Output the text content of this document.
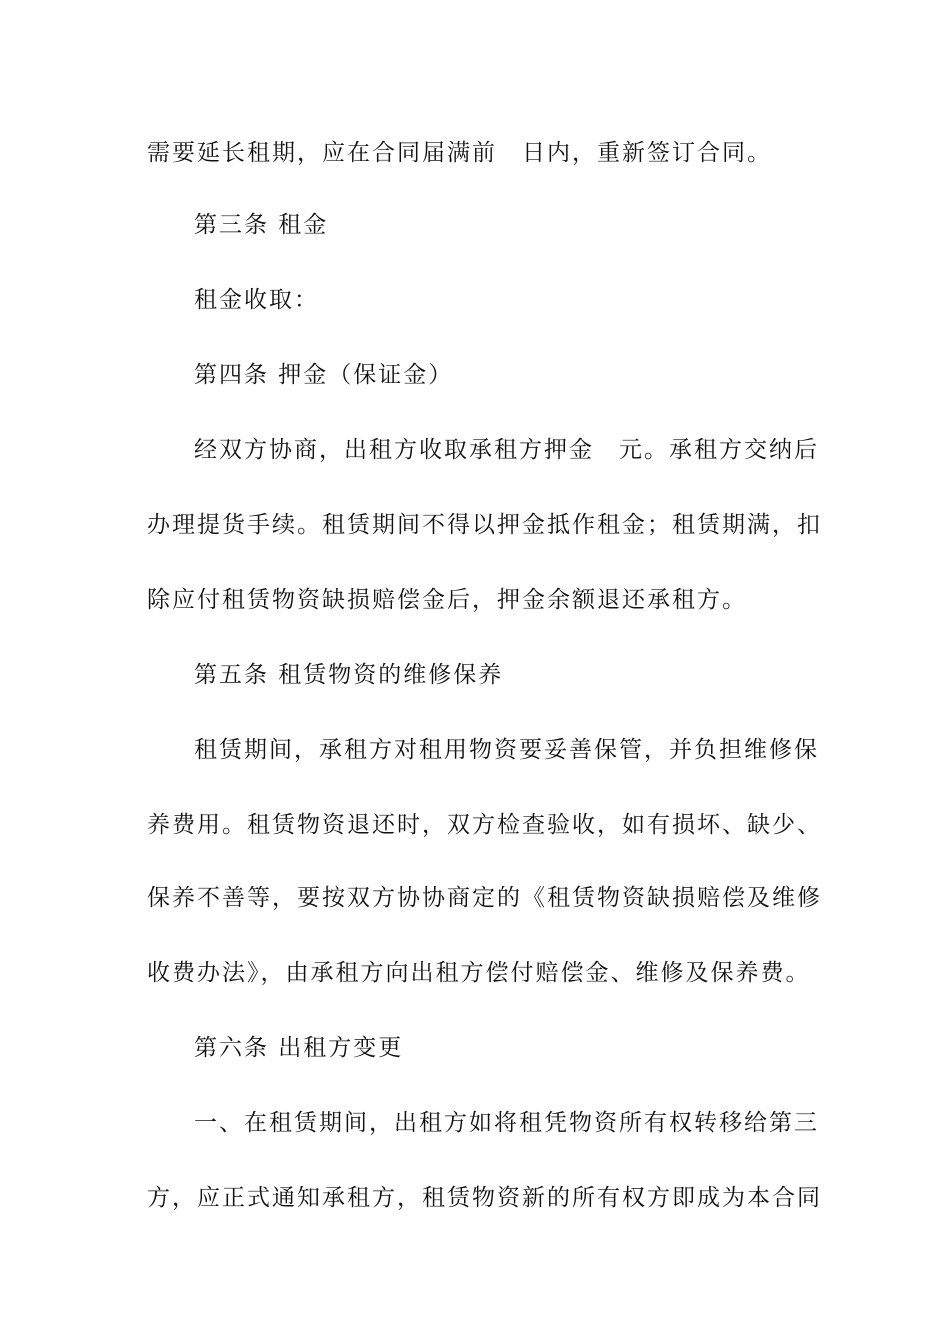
需要延长租期，应在合同届满前　日内，重新签订合同。
第三条 租金
租金收取：
第四条 押金（保证金）
经双方协商，出租方收取承租方押金　元。承租方交纳后
办理提货手续。租赁期间不得以押金抵作租金；租赁期满，扣
除应付租赁物资缺损赔偿金后，押金余额退还承租方。
第五条 租赁物资的维修保养
租赁期间，承租方对租用物资要妥善保管，并负担维修保
养费用。租赁物资退还时，双方检查验收，如有损坏、缺少、
保养不善等，要按双方协协商定的《租赁物资缺损赔偿及维修
收费办法》，由承租方向出租方偿付赔偿金、维修及保养费。
第六条 出租方变更
一、在租赁期间，出租方如将租凭物资所有权转移给第三
方，应正式通知承租方，租赁物资新的所有权方即成为本合同
